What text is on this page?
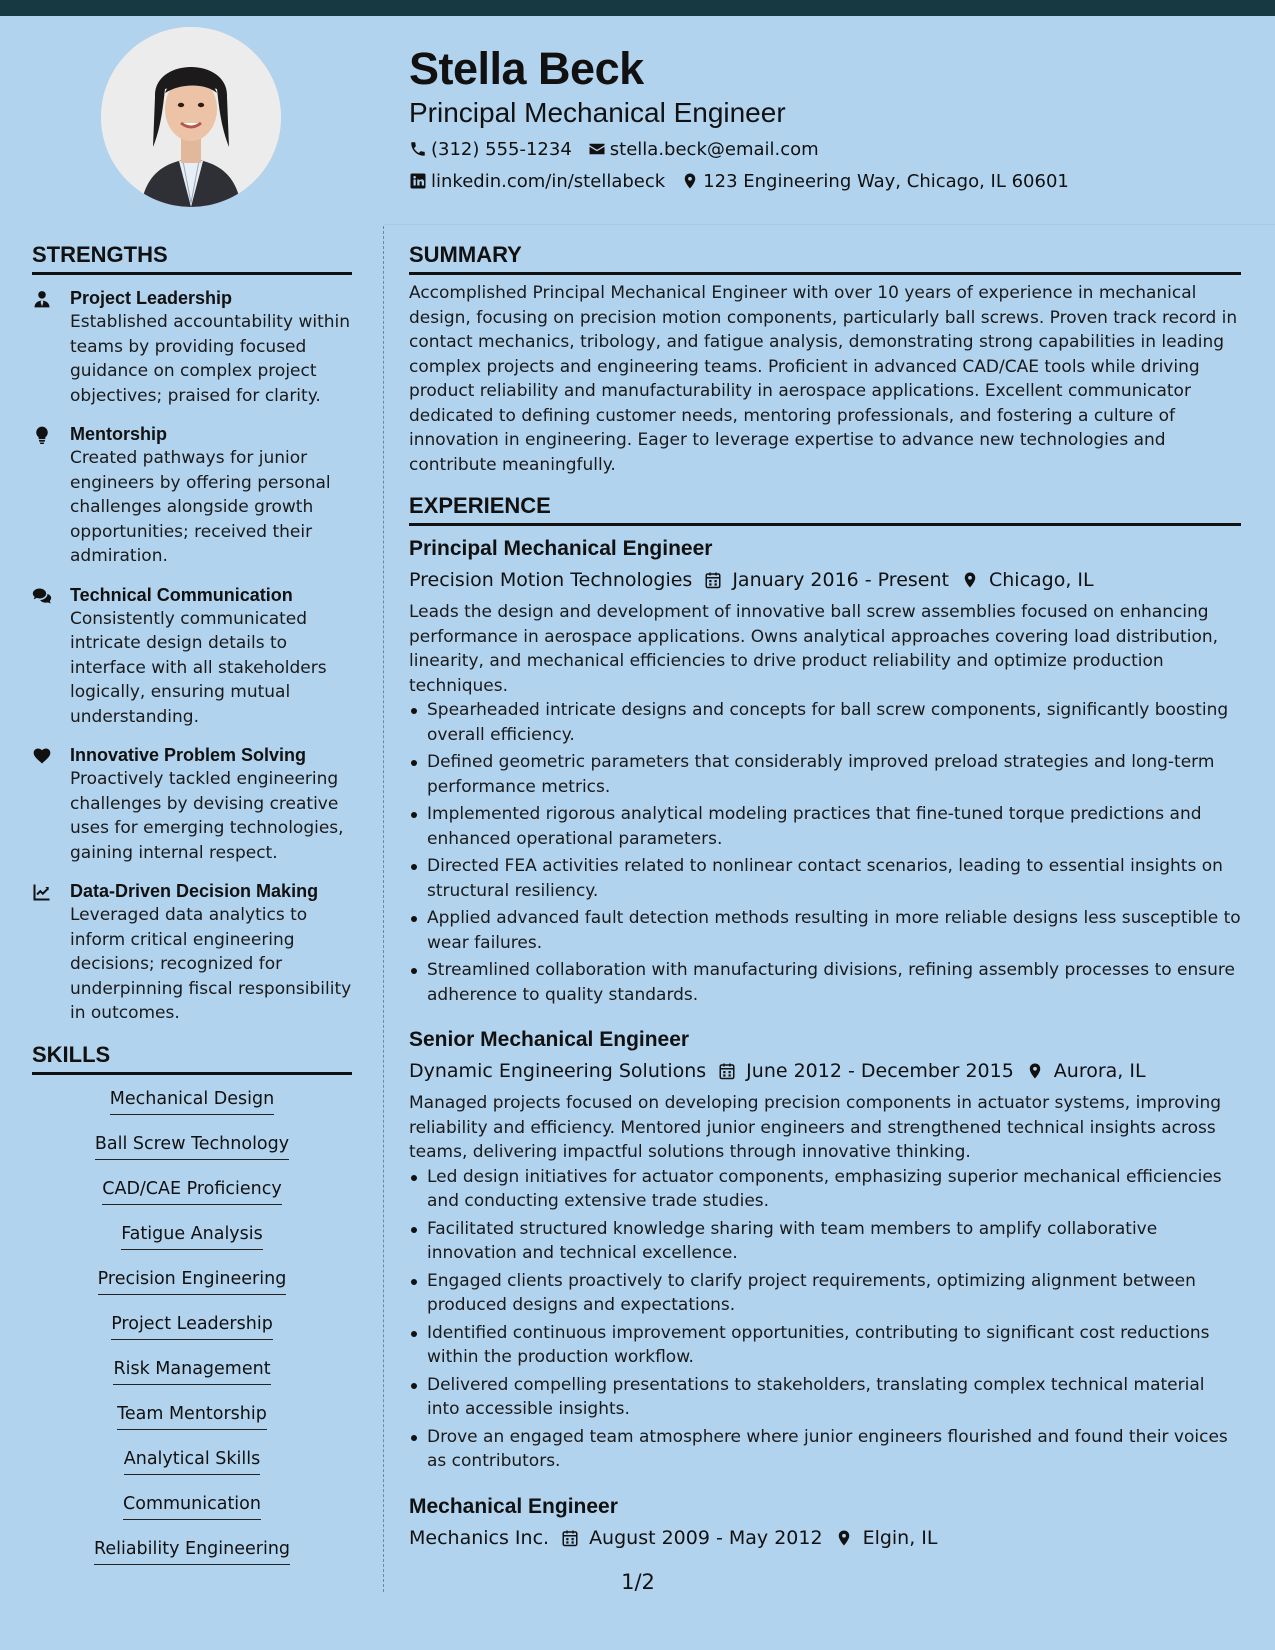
Stella Beck
Principal Mechanical Engineer
(312) 555-1234 stella.beck@email.com
linkedin.com/in/stellabeck 123 Engineering Way, Chicago, IL 60601
STRENGTHS
Project Leadership
Established accountability within teams by providing focused guidance on complex project objectives; praised for clarity.
Mentorship
Created pathways for junior engineers by offering personal challenges alongside growth opportunities; received their admiration.
Technical Communication
Consistently communicated intricate design details to interface with all stakeholders logically, ensuring mutual understanding.
Innovative Problem Solving
Proactively tackled engineering challenges by devising creative uses for emerging technologies, gaining internal respect.
Data-Driven Decision Making
Leveraged data analytics to inform critical engineering decisions; recognized for underpinning fiscal responsibility in outcomes.
SKILLS
Mechanical Design
Ball Screw Technology
CAD/CAE Proficiency
Fatigue Analysis
Precision Engineering
Project Leadership
Risk Management
Team Mentorship
Analytical Skills
Communication
Reliability Engineering
SUMMARY
Accomplished Principal Mechanical Engineer with over 10 years of experience in mechanical design, focusing on precision motion components, particularly ball screws. Proven track record in contact mechanics, tribology, and fatigue analysis, demonstrating strong capabilities in leading complex projects and engineering teams. Proficient in advanced CAD/CAE tools while driving product reliability and manufacturability in aerospace applications. Excellent communicator dedicated to defining customer needs, mentoring professionals, and fostering a culture of innovation in engineering. Eager to leverage expertise to advance new technologies and contribute meaningfully.
EXPERIENCE
Principal Mechanical Engineer
Precision Motion Technologies January 2016 - Present Chicago, IL
Leads the design and development of innovative ball screw assemblies focused on enhancing performance in aerospace applications. Owns analytical approaches covering load distribution, linearity, and mechanical efficiencies to drive product reliability and optimize production techniques.
Spearheaded intricate designs and concepts for ball screw components, significantly boosting overall efficiency.
Defined geometric parameters that considerably improved preload strategies and long-term performance metrics.
Implemented rigorous analytical modeling practices that fine-tuned torque predictions and enhanced operational parameters.
Directed FEA activities related to nonlinear contact scenarios, leading to essential insights on structural resiliency.
Applied advanced fault detection methods resulting in more reliable designs less susceptible to wear failures.
Streamlined collaboration with manufacturing divisions, refining assembly processes to ensure adherence to quality standards.
Senior Mechanical Engineer
Dynamic Engineering Solutions June 2012 - December 2015 Aurora, IL
Managed projects focused on developing precision components in actuator systems, improving reliability and efficiency. Mentored junior engineers and strengthened technical insights across teams, delivering impactful solutions through innovative thinking.
Led design initiatives for actuator components, emphasizing superior mechanical efficiencies and conducting extensive trade studies.
Facilitated structured knowledge sharing with team members to amplify collaborative innovation and technical excellence.
Engaged clients proactively to clarify project requirements, optimizing alignment between produced designs and expectations.
Identified continuous improvement opportunities, contributing to significant cost reductions within the production workflow.
Delivered compelling presentations to stakeholders, translating complex technical material into accessible insights.
Drove an engaged team atmosphere where junior engineers flourished and found their voices as contributors.
Mechanical Engineer
Mechanics Inc. August 2009 - May 2012 Elgin, IL
1/2
